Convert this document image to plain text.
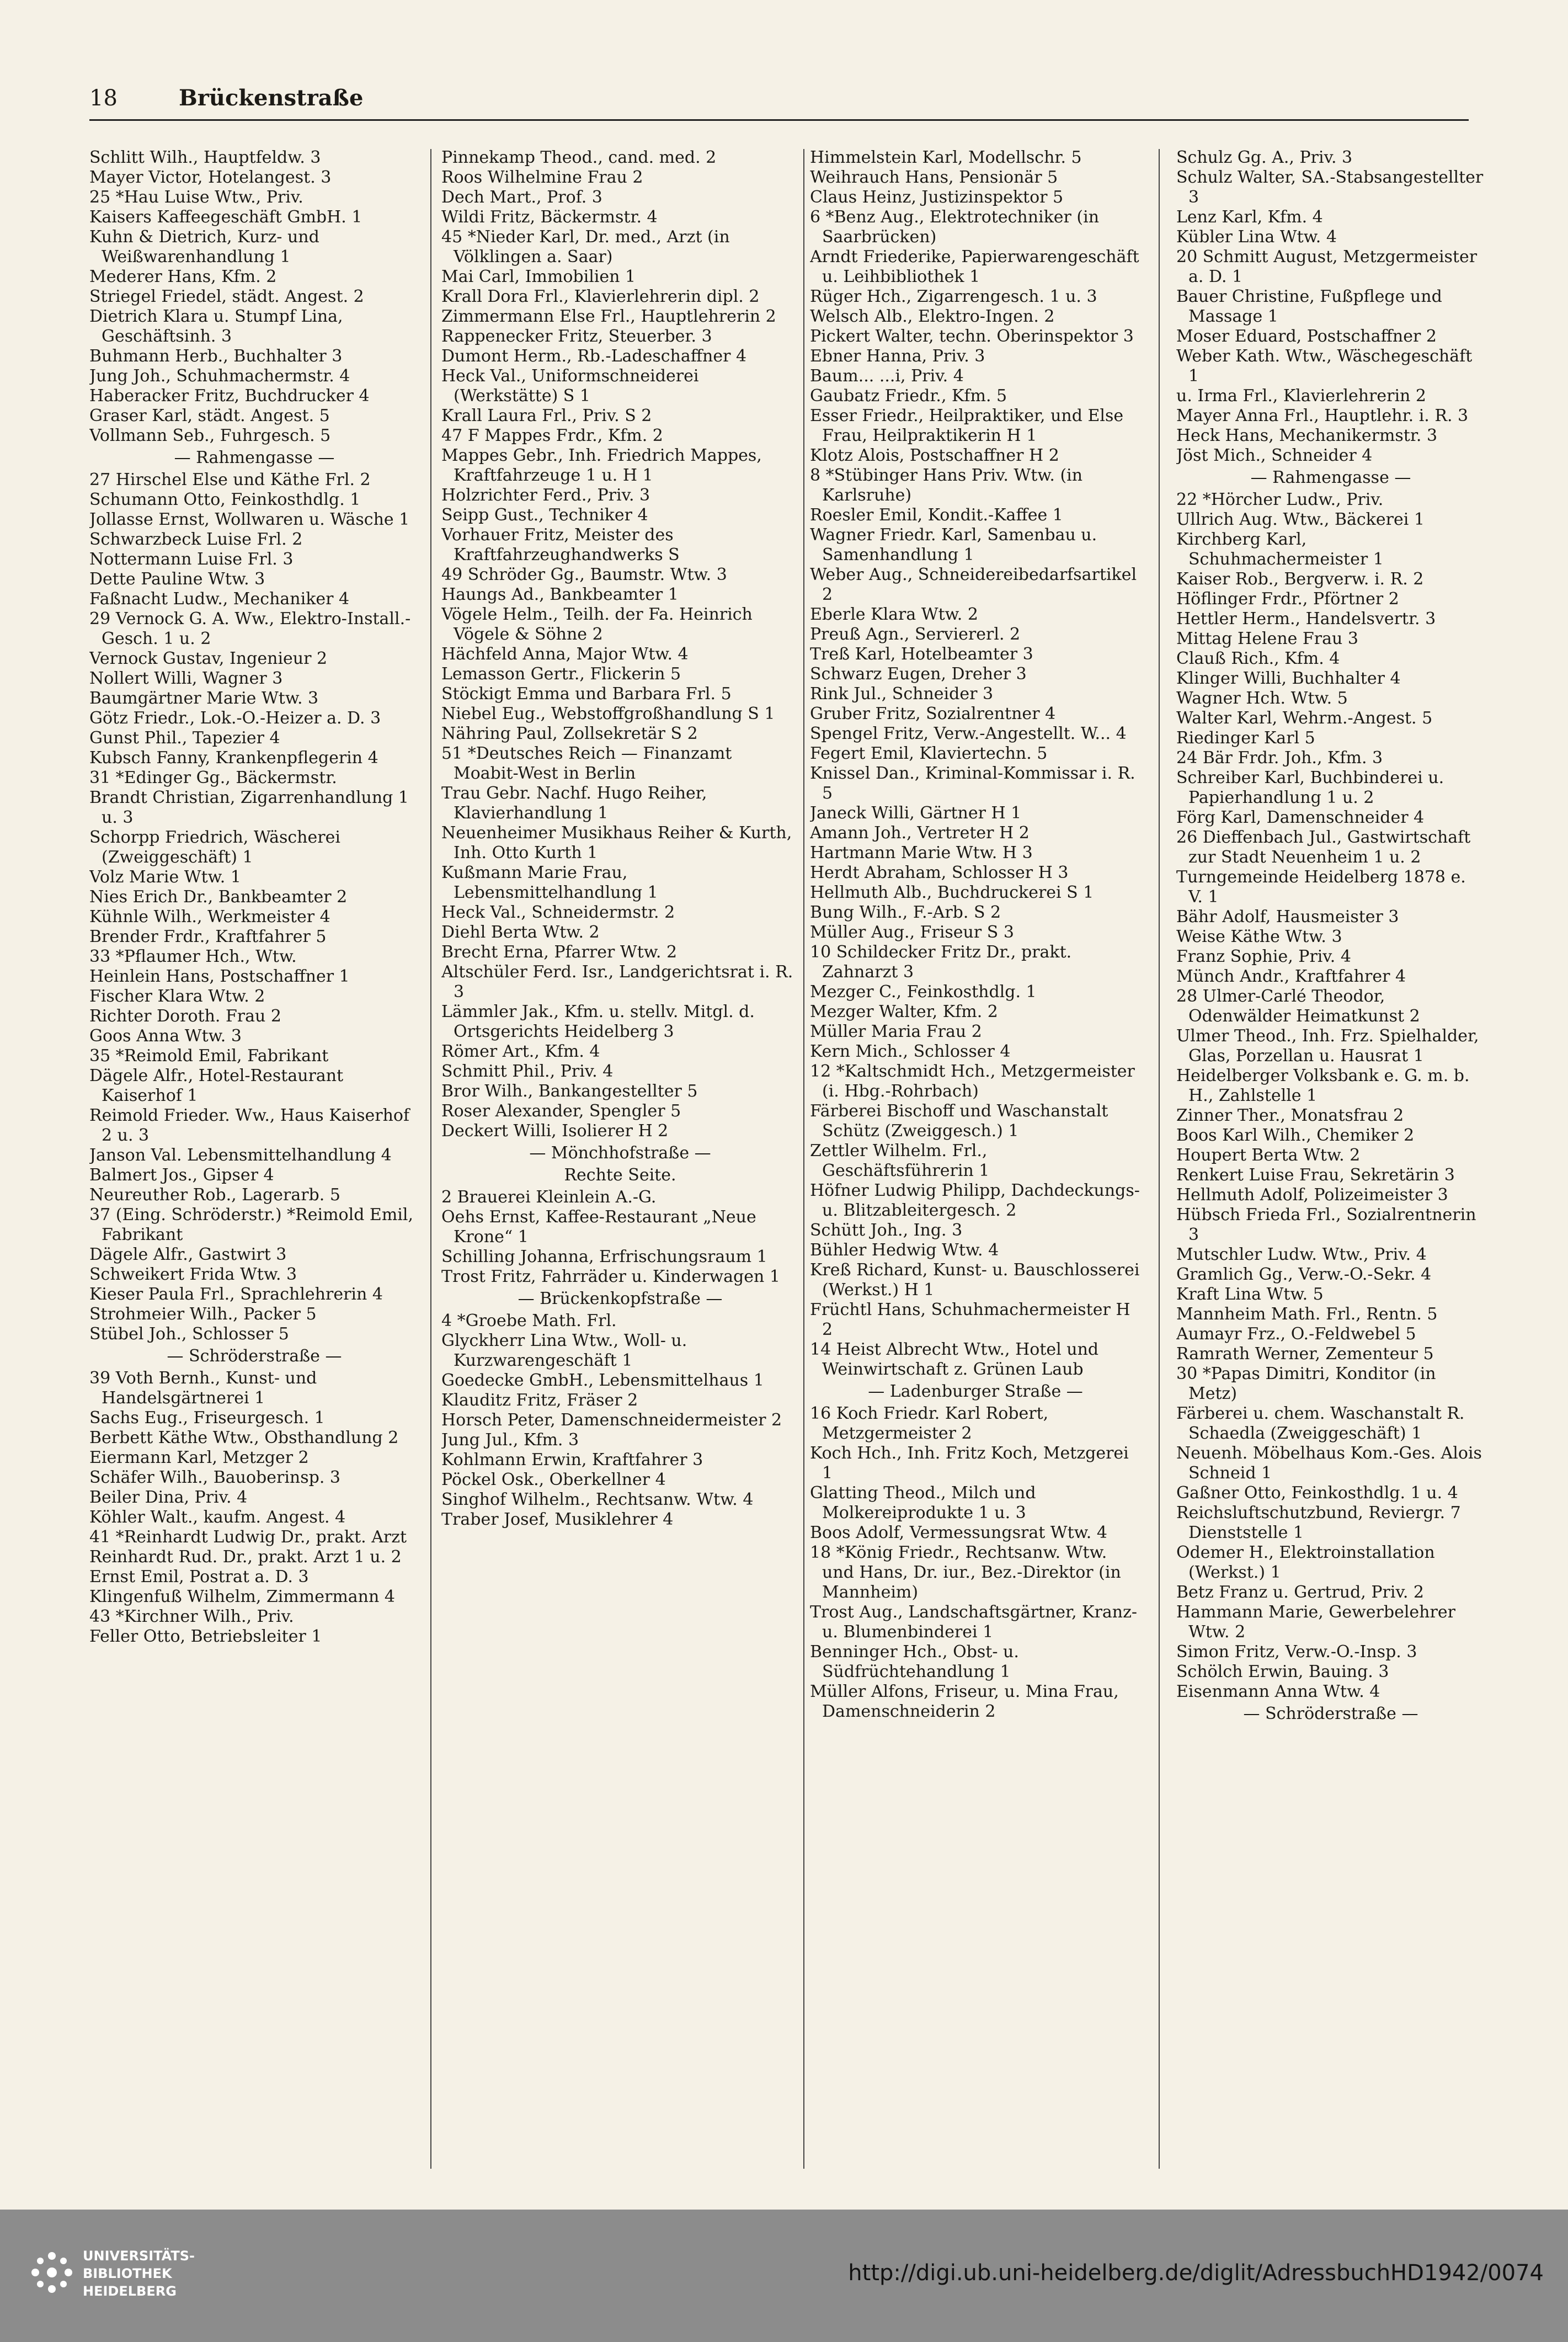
18	Brückenstraße

Schlitt Wilh., Hauptfeldw. 3

Mayer Victor, Hotelangest. 3

25 *Hau Luise Wtw., Priv.

Kaisers Kaffeegeschäft GmbH. 1

Kuhn & Dietrich, Kurz- und Weißwarenhandlung 1

Mederer Hans, Kfm. 2

Striegel Friedel, städt. Angest. 2

Dietrich Klara u. Stumpf Lina, Geschäftsinh. 3

Buhmann Herb., Buchhalter 3

Jung Joh., Schuhmachermstr. 4

Haberacker Fritz, Buchdrucker 4

Graser Karl, städt. Angest. 5

Vollmann Seb., Fuhrgesch. 5

— Rahmengasse —

27 Hirschel Else und Käthe Frl. 2

Schumann Otto, Feinkosthdlg. 1

Jollasse Ernst, Wollwaren u. Wäsche 1

Schwarzbeck Luise Frl. 2

Nottermann Luise Frl. 3

Dette Pauline Wtw. 3

Faßnacht Ludw., Mechaniker 4

29 Vernock G. A. Ww., Elektro-Install.-Gesch. 1 u. 2

Vernock Gustav, Ingenieur 2

Nollert Willi, Wagner 3

Baumgärtner Marie Wtw. 3

Götz Friedr., Lok.-O.-Heizer a. D. 3

Gunst Phil., Tapezier 4

Kubsch Fanny, Krankenpflegerin 4

31 *Edinger Gg., Bäckermstr.

Brandt Christian, Zigarrenhandlung 1 u. 3

Schorpp Friedrich, Wäscherei (Zweiggeschäft) 1

Volz Marie Wtw. 1

Nies Erich Dr., Bankbeamter 2

Kühnle Wilh., Werkmeister 4

Brender Frdr., Kraftfahrer 5

33 *Pflaumer Hch., Wtw.

Heinlein Hans, Postschaffner 1

Fischer Klara Wtw. 2

Richter Doroth. Frau 2

Goos Anna Wtw. 3

35 *Reimold Emil, Fabrikant

Dägele Alfr., Hotel-Restaurant Kaiserhof 1

Reimold Frieder. Ww., Haus Kaiserhof 2 u. 3

Janson Val. Lebensmittelhandlung 4

Balmert Jos., Gipser 4

Neureuther Rob., Lagerarb. 5

37 (Eing. Schröderstr.) *Reimold Emil, Fabrikant

Dägele Alfr., Gastwirt 3

Schweikert Frida Wtw. 3

Kieser Paula Frl., Sprachlehrerin 4

Strohmeier Wilh., Packer 5

Stübel Joh., Schlosser 5

— Schröderstraße —

39 Voth Bernh., Kunst- und Handelsgärtnerei 1

Sachs Eug., Friseurgesch. 1

Berbett Käthe Wtw., Obsthandlung 2

Eiermann Karl, Metzger 2

Schäfer Wilh., Bauoberinsp. 3

Beiler Dina, Priv. 4

Köhler Walt., kaufm. Angest. 4

41 *Reinhardt Ludwig Dr., prakt. Arzt

Reinhardt Rud. Dr., prakt. Arzt 1 u. 2

Ernst Emil, Postrat a. D. 3

Klingenfuß Wilhelm, Zimmermann 4

43 *Kirchner Wilh., Priv.

Feller Otto, Betriebsleiter 1

Pinnekamp Theod., cand. med. 2

Roos Wilhelmine Frau 2

Dech Mart., Prof. 3

Wildi Fritz, Bäckermstr. 4

45 *Nieder Karl, Dr. med., Arzt (in Völklingen a. Saar)

Mai Carl, Immobilien 1

Krall Dora Frl., Klavierlehrerin dipl. 2

Zimmermann Else Frl., Hauptlehrerin 2

Rappenecker Fritz, Steuerber. 3

Dumont Herm., Rb.-Ladeschaffner 4

Heck Val., Uniformschneiderei (Werkstätte) S 1

Krall Laura Frl., Priv. S 2

47 F Mappes Frdr., Kfm. 2

Mappes Gebr., Inh. Friedrich Mappes, Kraftfahrzeuge 1 u. H 1

Holzrichter Ferd., Priv. 3

Seipp Gust., Techniker 4

Vorhauer Fritz, Meister des Kraftfahrzeughandwerks S

49 Schröder Gg., Baumstr. Wtw. 3

Haungs Ad., Bankbeamter 1

Vögele Helm., Teilh. der Fa. Heinrich Vögele & Söhne 2

Hächfeld Anna, Major Wtw. 4

Lemasson Gertr., Flickerin 5

Stöckigt Emma und Barbara Frl. 5

Niebel Eug., Webstoffgroßhandlung S 1

Nähring Paul, Zollsekretär S 2

51 *Deutsches Reich — Finanzamt Moabit-West in Berlin

Trau Gebr. Nachf. Hugo Reiher, Klavierhandlung 1

Neuenheimer Musikhaus Reiher & Kurth, Inh. Otto Kurth 1

Kußmann Marie Frau, Lebensmittelhandlung 1

Heck Val., Schneidermstr. 2

Diehl Berta Wtw. 2

Brecht Erna, Pfarrer Wtw. 2

Altschüler Ferd. Isr., Landgerichtsrat i. R. 3

Lämmler Jak., Kfm. u. stellv. Mitgl. d. Ortsgerichts Heidelberg 3

Römer Art., Kfm. 4

Schmitt Phil., Priv. 4

Bror Wilh., Bankangestellter 5

Roser Alexander, Spengler 5

Deckert Willi, Isolierer H 2

— Mönchhofstraße —

Rechte Seite.

2 Brauerei Kleinlein A.-G.

Oehs Ernst, Kaffee-Restaurant „Neue Krone“ 1

Schilling Johanna, Erfrischungsraum 1

Trost Fritz, Fahrräder u. Kinderwagen 1

— Brückenkopfstraße —

4 *Groebe Math. Frl.

Glyckherr Lina Wtw., Woll- u. Kurzwarengeschäft 1

Goedecke GmbH., Lebensmittelhaus 1

Klauditz Fritz, Fräser 2

Horsch Peter, Damenschneidermeister 2

Jung Jul., Kfm. 3

Kohlmann Erwin, Kraftfahrer 3

Pöckel Osk., Oberkellner 4

Singhof Wilhelm., Rechtsanw. Wtw. 4

Traber Josef, Musiklehrer 4

Himmelstein Karl, Modellschr. 5

Weihrauch Hans, Pensionär 5

Claus Heinz, Justizinspektor 5

6 *Benz Aug., Elektrotechniker (in Saarbrücken)

Arndt Friederike, Papierwarengeschäft u. Leihbibliothek 1

Rüger Hch., Zigarrengesch. 1 u. 3

Welsch Alb., Elektro-Ingen. 2

Pickert Walter, techn. Oberinspektor 3

Ebner Hanna, Priv. 3

Baum... ...i, Priv. 4

Gaubatz Friedr., Kfm. 5

Esser Friedr., Heilpraktiker, und Else Frau, Heilpraktikerin H 1

Klotz Alois, Postschaffner H 2

8 *Stübinger Hans Priv. Wtw. (in Karlsruhe)

Roesler Emil, Kondit.-Kaffee 1

Wagner Friedr. Karl, Samenbau u. Samenhandlung 1

Weber Aug., Schneidereibedarfsartikel 2

Eberle Klara Wtw. 2

Preuß Agn., Serviererl. 2

Treß Karl, Hotelbeamter 3

Schwarz Eugen, Dreher 3

Rink Jul., Schneider 3

Gruber Fritz, Sozialrentner 4

Spengel Fritz, Verw.-Angestellt. W... 4

Fegert Emil, Klaviertechn. 5

Knissel Dan., Kriminal-Kommissar i. R. 5

Janeck Willi, Gärtner H 1

Amann Joh., Vertreter H 2

Hartmann Marie Wtw. H 3

Herdt Abraham, Schlosser H 3

Hellmuth Alb., Buchdruckerei S 1

Bung Wilh., F.-Arb. S 2

Müller Aug., Friseur S 3

10 Schildecker Fritz Dr., prakt. Zahnarzt 3

Mezger C., Feinkosthdlg. 1

Mezger Walter, Kfm. 2

Müller Maria Frau 2

Kern Mich., Schlosser 4

12 *Kaltschmidt Hch., Metzgermeister (i. Hbg.-Rohrbach)

Färberei Bischoff und Waschanstalt Schütz (Zweiggesch.) 1

Zettler Wilhelm. Frl., Geschäftsführerin 1

Höfner Ludwig Philipp, Dachdeckungs- u. Blitzableitergesch. 2

Schütt Joh., Ing. 3

Bühler Hedwig Wtw. 4

Kreß Richard, Kunst- u. Bauschlosserei (Werkst.) H 1

Früchtl Hans, Schuhmachermeister H 2

14 Heist Albrecht Wtw., Hotel und Weinwirtschaft z. Grünen Laub

— Ladenburger Straße —

16 Koch Friedr. Karl Robert, Metzgermeister 2

Koch Hch., Inh. Fritz Koch, Metzgerei 1

Glatting Theod., Milch und Molkereiprodukte 1 u. 3

Boos Adolf, Vermessungsrat Wtw. 4

18 *König Friedr., Rechtsanw. Wtw. und Hans, Dr. iur., Bez.-Direktor (in Mannheim)

Trost Aug., Landschaftsgärtner, Kranz- u. Blumenbinderei 1

Benninger Hch., Obst- u. Südfrüchtehandlung 1

Müller Alfons, Friseur, u. Mina Frau, Damenschneiderin 2

Schulz Gg. A., Priv. 3

Schulz Walter, SA.-Stabsangestellter 3

Lenz Karl, Kfm. 4

Kübler Lina Wtw. 4

20 Schmitt August, Metzgermeister a. D. 1

Bauer Christine, Fußpflege und Massage 1

Moser Eduard, Postschaffner 2

Weber Kath. Wtw., Wäschegeschäft 1

u. Irma Frl., Klavierlehrerin 2

Mayer Anna Frl., Hauptlehr. i. R. 3

Heck Hans, Mechanikermstr. 3

Jöst Mich., Schneider 4

— Rahmengasse —

22 *Hörcher Ludw., Priv.

Ullrich Aug. Wtw., Bäckerei 1

Kirchberg Karl, Schuhmachermeister 1

Kaiser Rob., Bergverw. i. R. 2

Höflinger Frdr., Pförtner 2

Hettler Herm., Handelsvertr. 3

Mittag Helene Frau 3

Clauß Rich., Kfm. 4

Klinger Willi, Buchhalter 4

Wagner Hch. Wtw. 5

Walter Karl, Wehrm.-Angest. 5

Riedinger Karl 5

24 Bär Frdr. Joh., Kfm. 3

Schreiber Karl, Buchbinderei u. Papierhandlung 1 u. 2

Förg Karl, Damenschneider 4

26 Dieffenbach Jul., Gastwirtschaft zur Stadt Neuenheim 1 u. 2

Turngemeinde Heidelberg 1878 e. V. 1

Bähr Adolf, Hausmeister 3

Weise Käthe Wtw. 3

Franz Sophie, Priv. 4

Münch Andr., Kraftfahrer 4

28 Ulmer-Carlé Theodor, Odenwälder Heimatkunst 2

Ulmer Theod., Inh. Frz. Spielhalder, Glas, Porzellan u. Hausrat 1

Heidelberger Volksbank e. G. m. b. H., Zahlstelle 1

Zinner Ther., Monatsfrau 2

Boos Karl Wilh., Chemiker 2

Houpert Berta Wtw. 2

Renkert Luise Frau, Sekretärin 3

Hellmuth Adolf, Polizeimeister 3

Hübsch Frieda Frl., Sozialrentnerin 3

Mutschler Ludw. Wtw., Priv. 4

Gramlich Gg., Verw.-O.-Sekr. 4

Kraft Lina Wtw. 5

Mannheim Math. Frl., Rentn. 5

Aumayr Frz., O.-Feldwebel 5

Ramrath Werner, Zementeur 5

30 *Papas Dimitri, Konditor (in Metz)

Färberei u. chem. Waschanstalt R. Schaedla (Zweiggeschäft) 1

Neuenh. Möbelhaus Kom.-Ges. Alois Schneid 1

Gaßner Otto, Feinkosthdlg. 1 u. 4

Reichsluftschutzbund, Reviergr. 7 Dienststelle 1

Odemer H., Elektroinstallation (Werkst.) 1

Betz Franz u. Gertrud, Priv. 2

Hammann Marie, Gewerbelehrer Wtw. 2

Simon Fritz, Verw.-O.-Insp. 3

Schölch Erwin, Bauing. 3

Eisenmann Anna Wtw. 4

— Schröderstraße —

UNIVERSITÄTS-
BIBLIOTHEK
HEIDELBERG
http://digi.ub.uni-heidelberg.de/diglit/AdressbuchHD1942/0074
